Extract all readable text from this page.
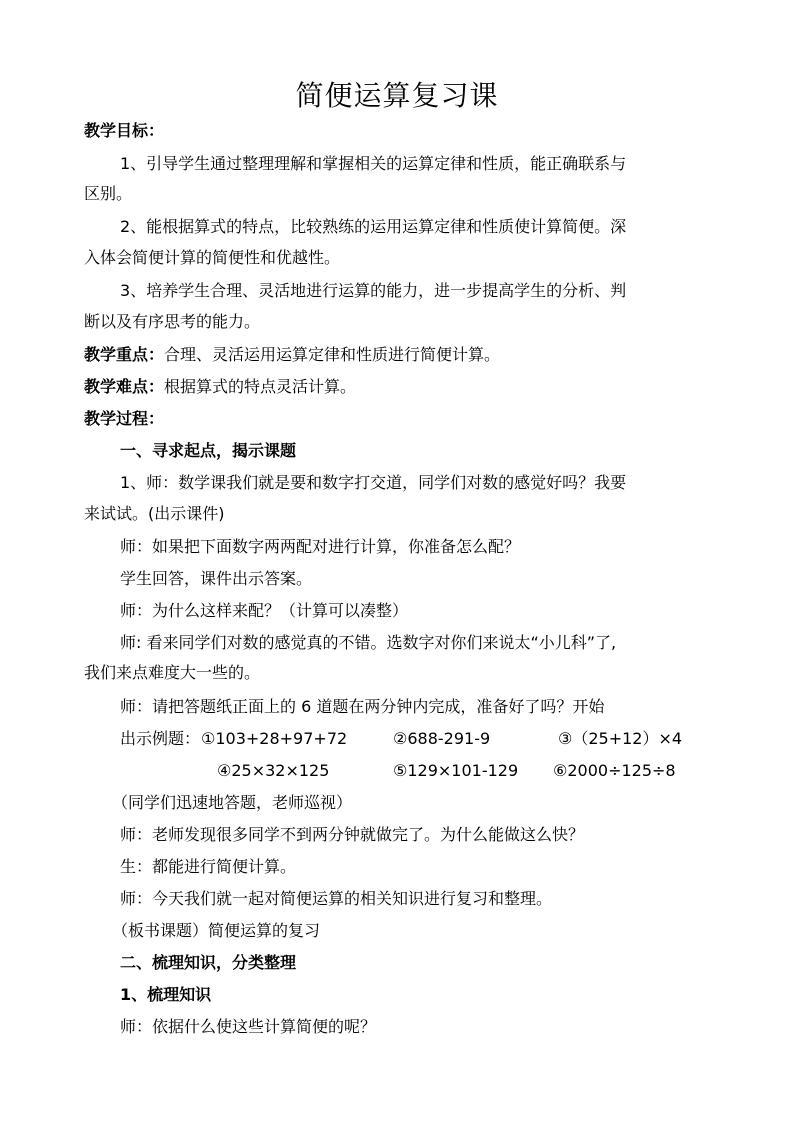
简便运算复习课
教学目标：
1、引导学生通过整理理解和掌握相关的运算定律和性质，能正确联系与
区别。
2、能根据算式的特点，比较熟练的运用运算定律和性质使计算简便。深
入体会简便计算的简便性和优越性。
3、培养学生合理、灵活地进行运算的能力，进一步提高学生的分析、判
断以及有序思考的能力。
教学重点：合理、灵活运用运算定律和性质进行简便计算。
教学难点：根据算式的特点灵活计算。
教学过程：
一、寻求起点，揭示课题
1、师：数学课我们就是要和数字打交道，同学们对数的感觉好吗？我要
来试试。(出示课件)
师：如果把下面数字两两配对进行计算，你准备怎么配？
学生回答，课件出示答案。
师：为什么这样来配？（计算可以凑整）
师: 看来同学们对数的感觉真的不错。选数字对你们来说太“小儿科”了,
我们来点难度大一些的。
师：请把答题纸正面上的 6 道题在两分钟内完成，准备好了吗？开始
出示例题： ①103+28+97+72	②688-291-9	③（25+12）×4
④25×32×125	⑤129×101-129 ⑥2000÷125÷8
（同学们迅速地答题，老师巡视）
师：老师发现很多同学不到两分钟就做完了。为什么能做这么快？
生：都能进行简便计算。
师：今天我们就一起对简便运算的相关知识进行复习和整理。
（板书课题）简便运算的复习
二、梳理知识，分类整理
1、梳理知识
师：依据什么使这些计算简便的呢？
